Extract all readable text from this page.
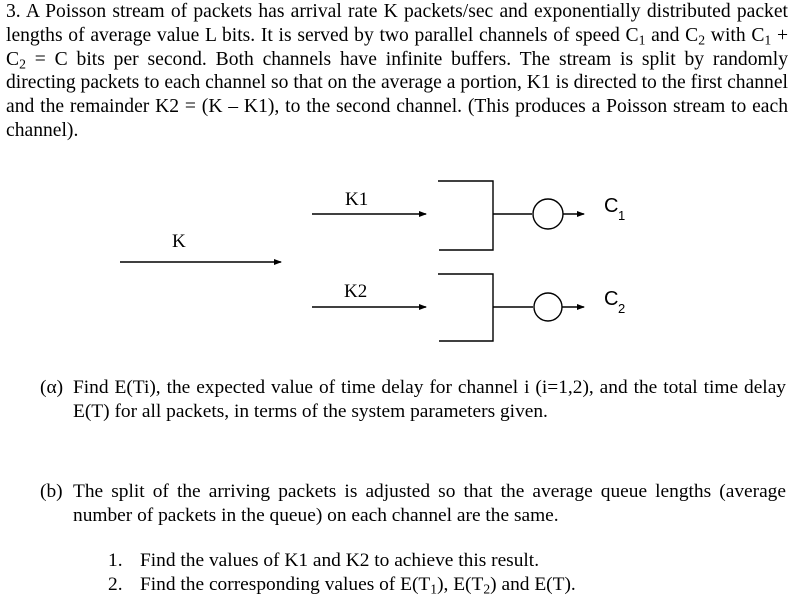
3. A Poisson stream of packets has arrival rate K packets/sec and exponentially distributed packet lengths of average value L bits. It is served by two parallel channels of speed $C_1$ and $C_2$ with $C_1 + C_2 = C$ bits per second. Both channels have infinite buffers. The stream is split by randomly directing packets to each channel so that on the average a portion, K1 is directed to the first channel and the remainder K2 = (K – K1), to the second channel. (This produces a Poisson stream to each channel).

K
K1	C 1
K2	C 2
(α) Find E(Ti), the expected value of time delay for channel i (i=1,2), and the total time delay E(T) for all packets, in terms of the system parameters given.
(b) The split of the arriving packets is adjusted so that the average queue lengths (average number of packets in the queue) on each channel are the same.
1. Find the values of K1 and K2 to achieve this result.
2. Find the corresponding values of $E(T_1)$, $E(T_2)$ and E(T).
